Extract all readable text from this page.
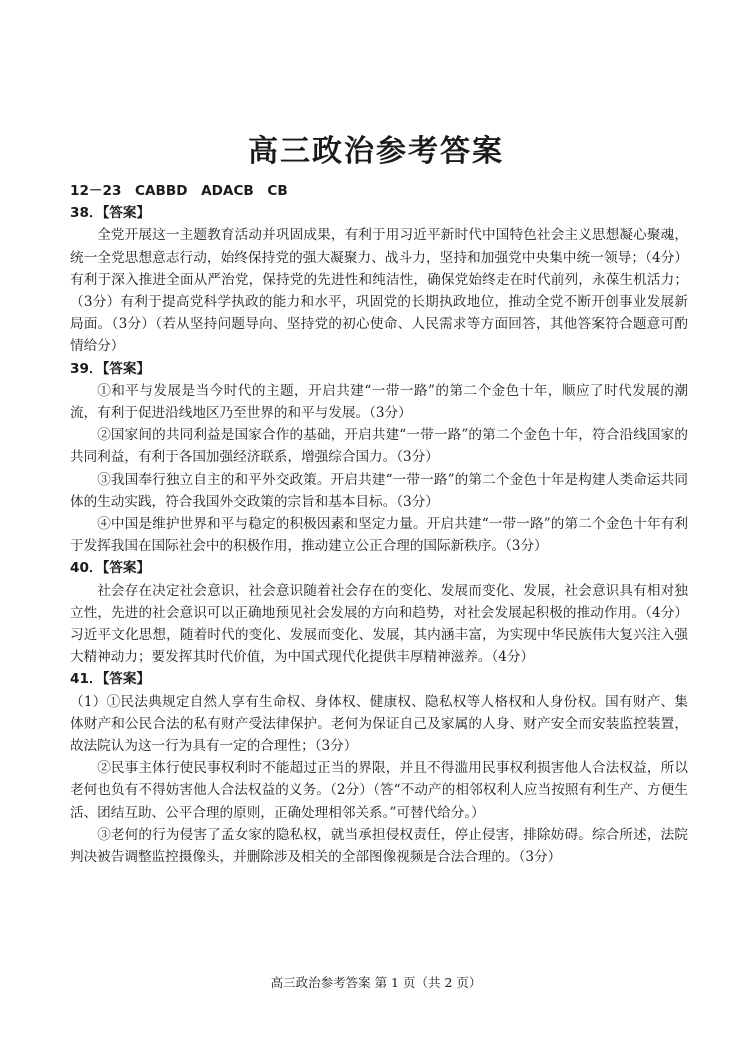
高三政治参考答案

12－23　CABBD　ADACB　CB

38．【答案】

全党开展这一主题教育活动并巩固成果，有利于用习近平新时代中国特色社会主义思想凝心聚魂，统一全党思想意志行动，始终保持党的强大凝聚力、战斗力，坚持和加强党中央集中统一领导；（4分）有利于深入推进全面从严治党，保持党的先进性和纯洁性，确保党始终走在时代前列，永葆生机活力；（3分）有利于提高党科学执政的能力和水平，巩固党的长期执政地位，推动全党不断开创事业发展新局面。（3分）（若从坚持问题导向、坚持党的初心使命、人民需求等方面回答，其他答案符合题意可酌情给分）

39．【答案】

①和平与发展是当今时代的主题，开启共建“一带一路”的第二个金色十年，顺应了时代发展的潮流，有利于促进沿线地区乃至世界的和平与发展。（3分）

②国家间的共同利益是国家合作的基础，开启共建“一带一路”的第二个金色十年，符合沿线国家的共同利益，有利于各国加强经济联系，增强综合国力。（3分）

③我国奉行独立自主的和平外交政策。开启共建“一带一路”的第二个金色十年是构建人类命运共同体的生动实践，符合我国外交政策的宗旨和基本目标。（3分）

④中国是维护世界和平与稳定的积极因素和坚定力量。开启共建“一带一路”的第二个金色十年有利于发挥我国在国际社会中的积极作用，推动建立公正合理的国际新秩序。（3分）

40．【答案】

社会存在决定社会意识，社会意识随着社会存在的变化、发展而变化、发展，社会意识具有相对独立性，先进的社会意识可以正确地预见社会发展的方向和趋势，对社会发展起积极的推动作用。（4分）习近平文化思想，随着时代的变化、发展而变化、发展，其内涵丰富，为实现中华民族伟大复兴注入强大精神动力；要发挥其时代价值，为中国式现代化提供丰厚精神滋养。（4分）

41．【答案】

（1）①民法典规定自然人享有生命权、身体权、健康权、隐私权等人格权和人身份权。国有财产、集体财产和公民合法的私有财产受法律保护。老何为保证自己及家属的人身、财产安全而安装监控装置，故法院认为这一行为具有一定的合理性；（3分）

②民事主体行使民事权利时不能超过正当的界限，并且不得滥用民事权利损害他人合法权益，所以老何也负有不得妨害他人合法权益的义务。（2分）（答“不动产的相邻权利人应当按照有利生产、方便生活、团结互助、公平合理的原则，正确处理相邻关系。”可替代给分。）

③老何的行为侵害了孟女家的隐私权，就当承担侵权责任，停止侵害，排除妨碍。综合所述，法院判决被告调整监控摄像头，并删除涉及相关的全部图像视频是合法合理的。（3分）

高三政治参考答案 第 1 页（共 2 页）
